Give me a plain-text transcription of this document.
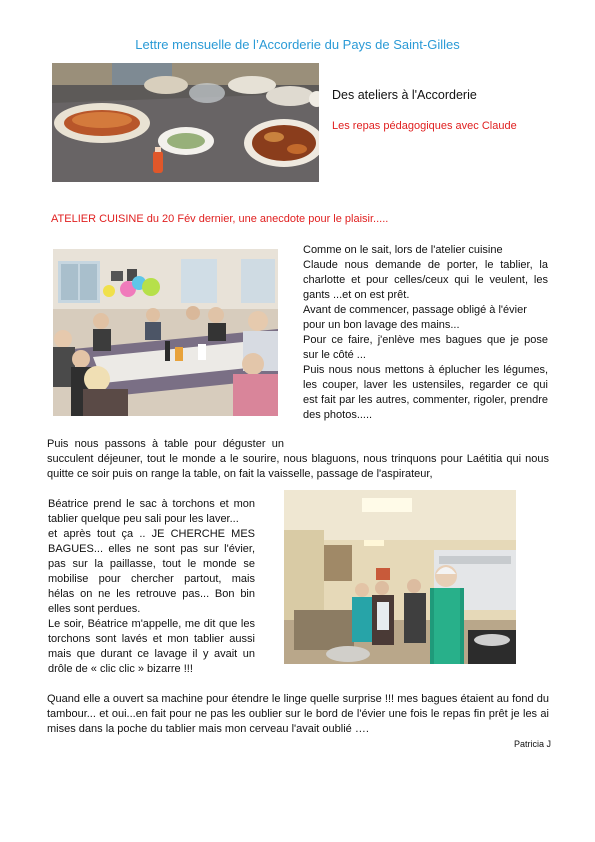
Lettre mensuelle de l’Accorderie du Pays de Saint-Gilles
Des ateliers à l'Accorderie
Les repas pédagogiques avec Claude
ATELIER CUISINE du 20 Fév dernier, une anecdote pour le plaisir.....

Comme on le sait, lors de l'atelier cuisine

Claude nous demande de porter, le tablier, la charlotte et pour celles/ceux qui le veulent, les gants ...et on est prêt.

Avant de commencer, passage obligé à l'évier

pour un bon lavage des mains...

Pour ce faire, j'enlève mes bagues que je pose sur le côté ...

Puis nous nous mettons à éplucher les légumes, les couper, laver les ustensiles, regarder ce qui est fait par les autres, commenter, rigoler, prendre des photos.....

Puis nous passons à table pour déguster un succulent déjeuner, tout le monde a le sourire, nous blaguons, nous trinquons pour Laétitia qui nous quitte ce soir puis on range la table, on fait la vaisselle, passage de l'aspirateur,

Béatrice prend le sac à torchons et mon tablier quelque peu sali pour les laver...

et après tout ça .. JE CHERCHE MES BAGUES... elles ne sont pas sur l'évier, pas sur la paillasse, tout le monde se mobilise pour chercher partout, mais hélas on ne les retrouve pas... Bon bin elles sont perdues.

Le soir, Béatrice m'appelle, me dit que les torchons sont lavés et mon tablier aussi mais que durant ce lavage il y avait un drôle de « clic clic » bizarre !!!

Quand elle a ouvert sa machine pour étendre le linge quelle surprise !!! mes bagues étaient au fond du tambour... et oui...en fait pour ne pas les oublier sur le bord de l'évier une fois le repas fin prêt je les ai mises dans la poche du tablier mais mon cerveau l'avait oublié ….

Patricia J
